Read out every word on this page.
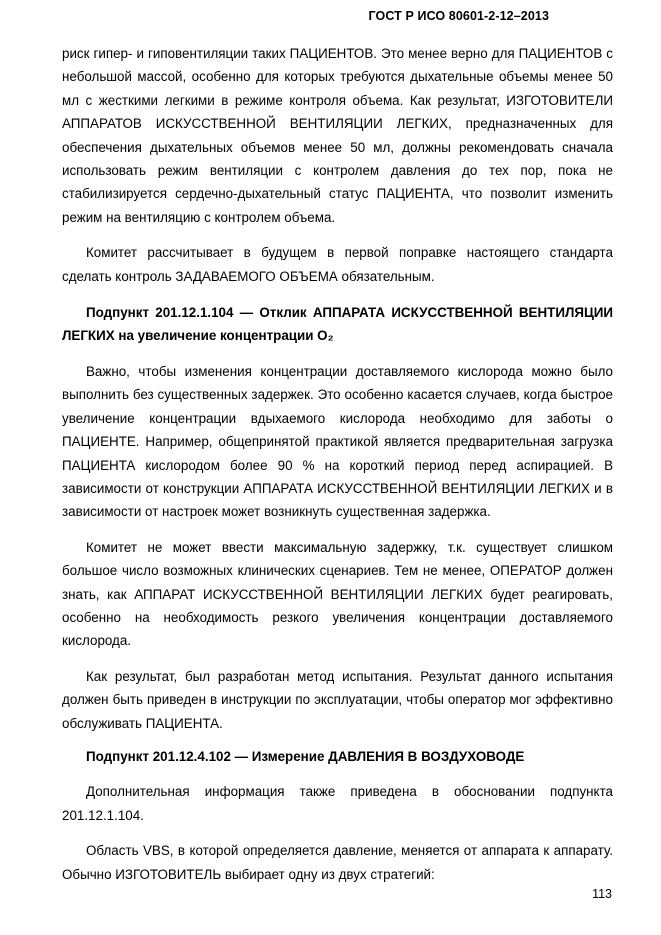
ГОСТ Р ИСО 80601-2-12–2013

риск гипер- и гиповентиляции таких ПАЦИЕНТОВ. Это менее верно для ПАЦИЕНТОВ с небольшой массой, особенно для которых требуются дыхательные объемы менее 50 мл с жесткими легкими в режиме контроля объема. Как результат, ИЗГОТОВИТЕЛИ АППАРАТОВ ИСКУССТВЕННОЙ ВЕНТИЛЯЦИИ ЛЕГКИХ, предназначенных для обеспечения дыхательных объемов менее 50 мл, должны рекомендовать сначала использовать режим вентиляции с контролем давления до тех пор, пока не стабилизируется сердечно-дыхательный статус ПАЦИЕНТА, что позволит изменить режим на вентиляцию с контролем объема.

Комитет рассчитывает в будущем в первой поправке настоящего стандарта сделать контроль ЗАДАВАЕМОГО ОБЪЕМА обязательным.

Подпункт 201.12.1.104 — Отклик АППАРАТА ИСКУССТВЕННОЙ ВЕНТИЛЯЦИИ ЛЕГКИХ на увеличение концентрации O₂

Важно, чтобы изменения концентрации доставляемого кислорода можно было выполнить без существенных задержек. Это особенно касается случаев, когда быстрое увеличение концентрации вдыхаемого кислорода необходимо для заботы о ПАЦИЕНТЕ. Например, общепринятой практикой является предварительная загрузка ПАЦИЕНТА кислородом более 90 % на короткий период перед аспирацией. В зависимости от конструкции АППАРАТА ИСКУССТВЕННОЙ ВЕНТИЛЯЦИИ ЛЕГКИХ и в зависимости от настроек может возникнуть существенная задержка.

Комитет не может ввести максимальную задержку, т.к. существует слишком большое число возможных клинических сценариев. Тем не менее, ОПЕРАТОР должен знать, как АППАРАТ ИСКУССТВЕННОЙ ВЕНТИЛЯЦИИ ЛЕГКИХ будет реагировать, особенно на необходимость резкого увеличения концентрации доставляемого кислорода.

Как результат, был разработан метод испытания. Результат данного испытания должен быть приведен в инструкции по эксплуатации, чтобы оператор мог эффективно обслуживать ПАЦИЕНТА.

Подпункт 201.12.4.102 — Измерение ДАВЛЕНИЯ В ВОЗДУХОВОДЕ

Дополнительная информация также приведена в обосновании подпункта 201.12.1.104.

Область VBS, в которой определяется давление, меняется от аппарата к аппарату. Обычно ИЗГОТОВИТЕЛЬ выбирает одну из двух стратегий:

113
